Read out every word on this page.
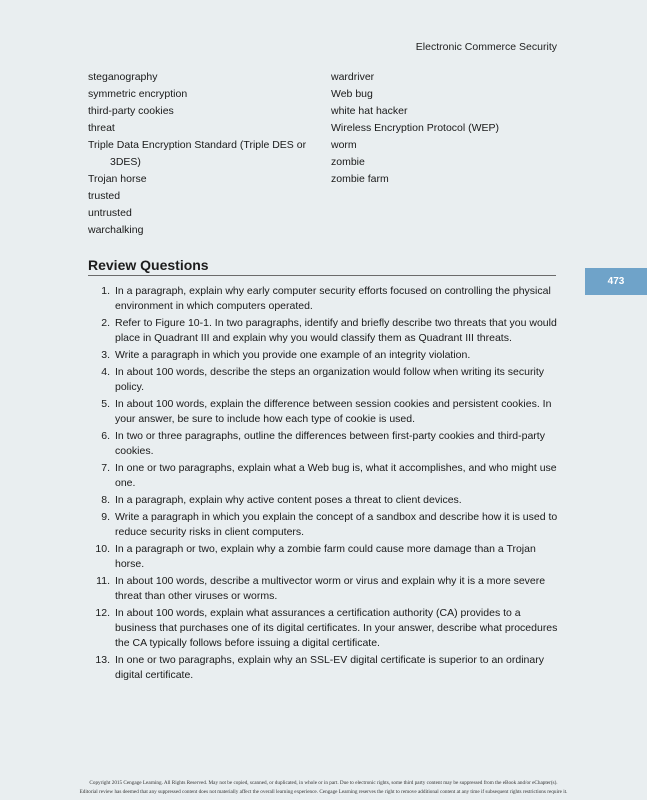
Electronic Commerce Security
steganography
symmetric encryption
third-party cookies
threat
Triple Data Encryption Standard (Triple DES or 3DES)
Trojan horse
trusted
untrusted
warchalking
wardriver
Web bug
white hat hacker
Wireless Encryption Protocol (WEP)
worm
zombie
zombie farm
Review Questions
473
1. In a paragraph, explain why early computer security efforts focused on controlling the physical environment in which computers operated.
2. Refer to Figure 10-1. In two paragraphs, identify and briefly describe two threats that you would place in Quadrant III and explain why you would classify them as Quadrant III threats.
3. Write a paragraph in which you provide one example of an integrity violation.
4. In about 100 words, describe the steps an organization would follow when writing its security policy.
5. In about 100 words, explain the difference between session cookies and persistent cookies. In your answer, be sure to include how each type of cookie is used.
6. In two or three paragraphs, outline the differences between first-party cookies and third-party cookies.
7. In one or two paragraphs, explain what a Web bug is, what it accomplishes, and who might use one.
8. In a paragraph, explain why active content poses a threat to client devices.
9. Write a paragraph in which you explain the concept of a sandbox and describe how it is used to reduce security risks in client computers.
10. In a paragraph or two, explain why a zombie farm could cause more damage than a Trojan horse.
11. In about 100 words, describe a multivector worm or virus and explain why it is a more severe threat than other viruses or worms.
12. In about 100 words, explain what assurances a certification authority (CA) provides to a business that purchases one of its digital certificates. In your answer, describe what procedures the CA typically follows before issuing a digital certificate.
13. In one or two paragraphs, explain why an SSL-EV digital certificate is superior to an ordinary digital certificate.
Copyright 2015 Cengage Learning. All Rights Reserved. May not be copied, scanned, or duplicated, in whole or in part. Due to electronic rights, some third party content may be suppressed from the eBook and/or eChapter(s).
Editorial review has deemed that any suppressed content does not materially affect the overall learning experience. Cengage Learning reserves the right to remove additional content at any time if subsequent rights restrictions require it.
